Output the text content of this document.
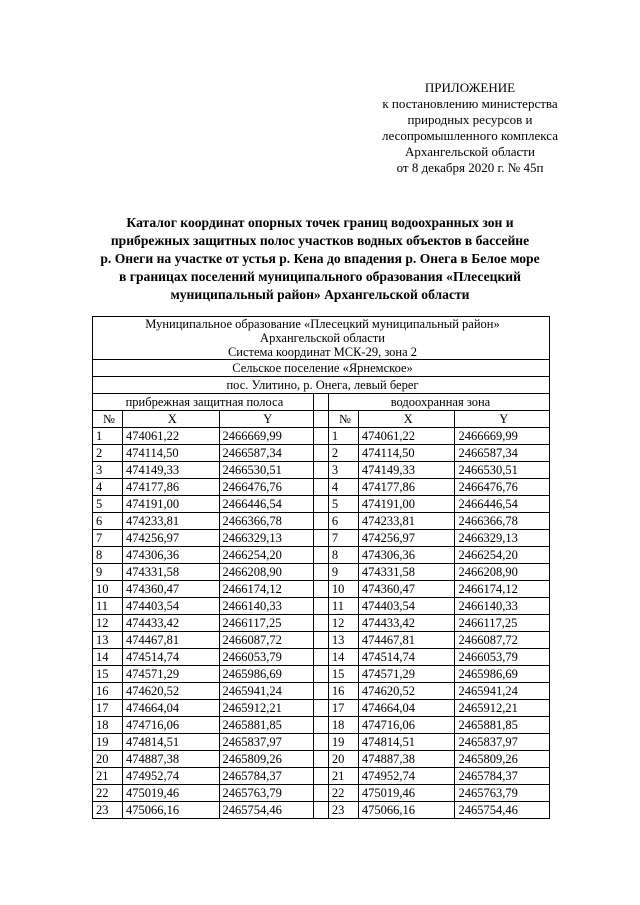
ПРИЛОЖЕНИЕ
к постановлению министерства
природных ресурсов и
лесопромышленного комплекса
Архангельской области
от 8 декабря 2020 г. № 45п
Каталог координат опорных точек границ водоохранных зон и
прибрежных защитных полос участков водных объектов в бассейне
р. Онеги на участке от устья р. Кена до впадения р. Онега в Белое море
в границах поселений муниципального образования «Плесецкий
муниципальный район» Архангельской области
Муниципальное образование «Плесецкий муниципальный район»
Архангельской области
Система координат МСК-29, зона 2						

Сельское поселение «Ярнемское»						
пос. Улитино, р. Онега, левый берег						
прибрежная защитная полоса				водоохранная зона		
№	X	Y		№	X	Y
1	474061,22	2466669,99		1	474061,22	2466669,99
2	474114,50	2466587,34		2	474114,50	2466587,34
3	474149,33	2466530,51		3	474149,33	2466530,51
4	474177,86	2466476,76		4	474177,86	2466476,76
5	474191,00	2466446,54		5	474191,00	2466446,54
6	474233,81	2466366,78		6	474233,81	2466366,78
7	474256,97	2466329,13		7	474256,97	2466329,13
8	474306,36	2466254,20		8	474306,36	2466254,20
9	474331,58	2466208,90		9	474331,58	2466208,90
10	474360,47	2466174,12		10	474360,47	2466174,12
11	474403,54	2466140,33		11	474403,54	2466140,33
12	474433,42	2466117,25		12	474433,42	2466117,25
13	474467,81	2466087,72		13	474467,81	2466087,72
14	474514,74	2466053,79		14	474514,74	2466053,79
15	474571,29	2465986,69		15	474571,29	2465986,69
16	474620,52	2465941,24		16	474620,52	2465941,24
17	474664,04	2465912,21		17	474664,04	2465912,21
18	474716,06	2465881,85		18	474716,06	2465881,85
19	474814,51	2465837,97		19	474814,51	2465837,97
20	474887,38	2465809,26		20	474887,38	2465809,26
21	474952,74	2465784,37		21	474952,74	2465784,37
22	475019,46	2465763,79		22	475019,46	2465763,79
23	475066,16	2465754,46		23	475066,16	2465754,46
